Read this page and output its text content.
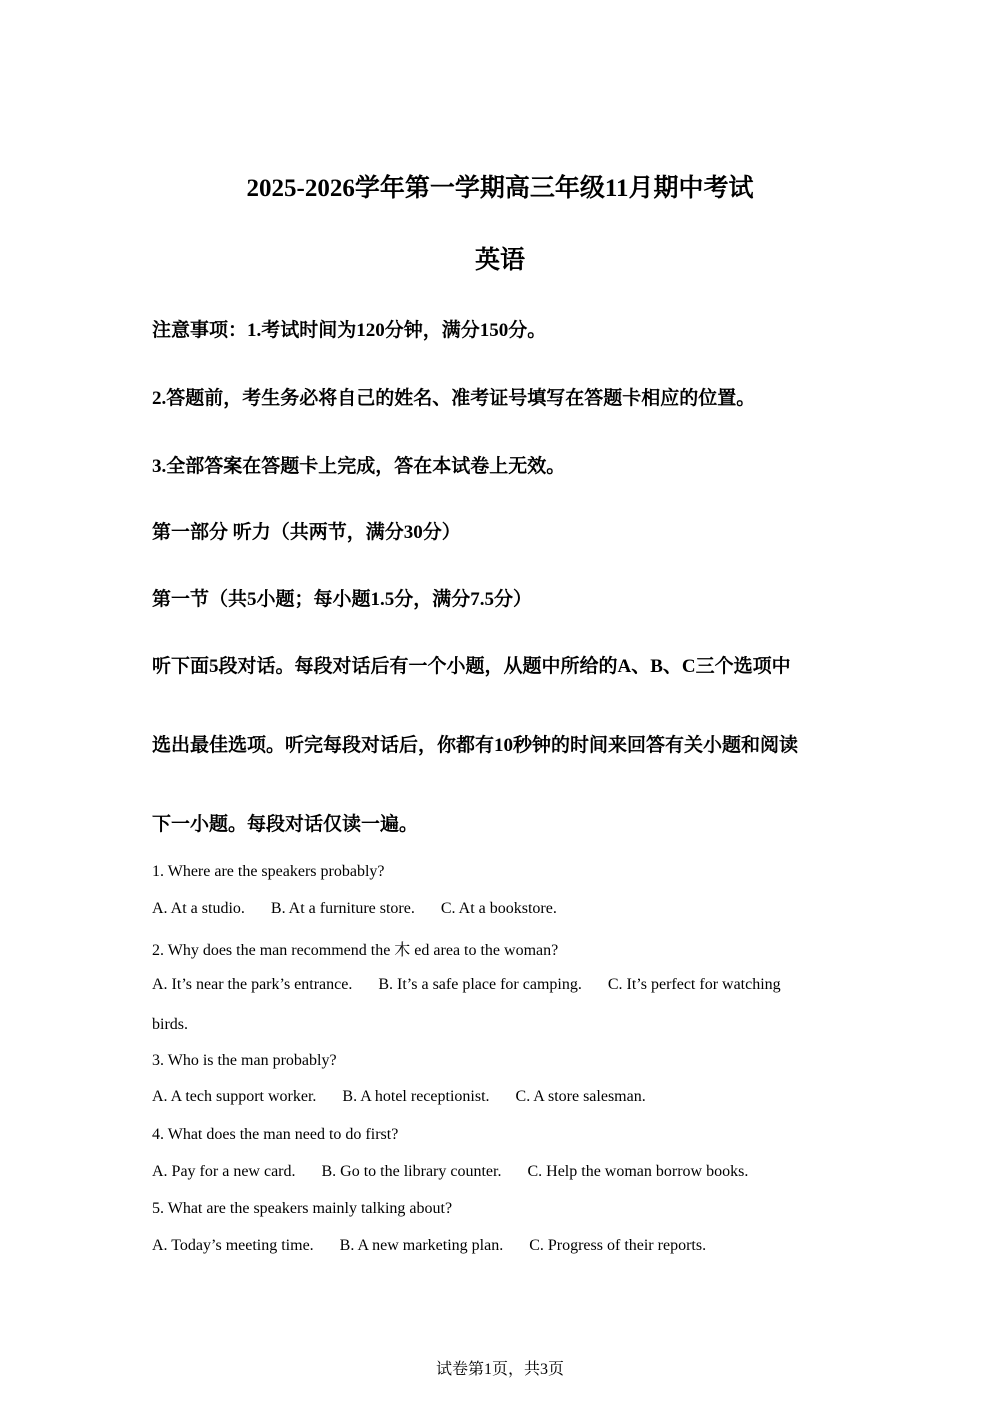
2025-2026学年第一学期高三年级11月期中考试
英语
注意事项：1.考试时间为120分钟，满分150分。
2.答题前，考生务必将自己的姓名、准考证号填写在答题卡相应的位置。
3.全部答案在答题卡上完成，答在本试卷上无效。
第一部分 听力（共两节，满分30分）
第一节（共5小题；每小题1.5分，满分7.5分）
听下面5段对话。每段对话后有一个小题，从题中所给的A、B、C三个选项中
选出最佳选项。听完每段对话后，你都有10秒钟的时间来回答有关小题和阅读
下一小题。每段对话仅读一遍。
1. Where are the speakers probably?
A. At a studio. B. At a furniture store. C. At a bookstore.
2. Why does the man recommend the 木 ed area to the woman?
A. It’s near the park’s entrance. B. It’s a safe place for camping. C. It’s perfect for watching
birds.
3. Who is the man probably?
A. A tech support worker. B. A hotel receptionist. C. A store salesman.
4. What does the man need to do first?
A. Pay for a new card. B. Go to the library counter. C. Help the woman borrow books.
5. What are the speakers mainly talking about?
A. Today’s meeting time. B. A new marketing plan. C. Progress of their reports.
试卷第1页，共3页
